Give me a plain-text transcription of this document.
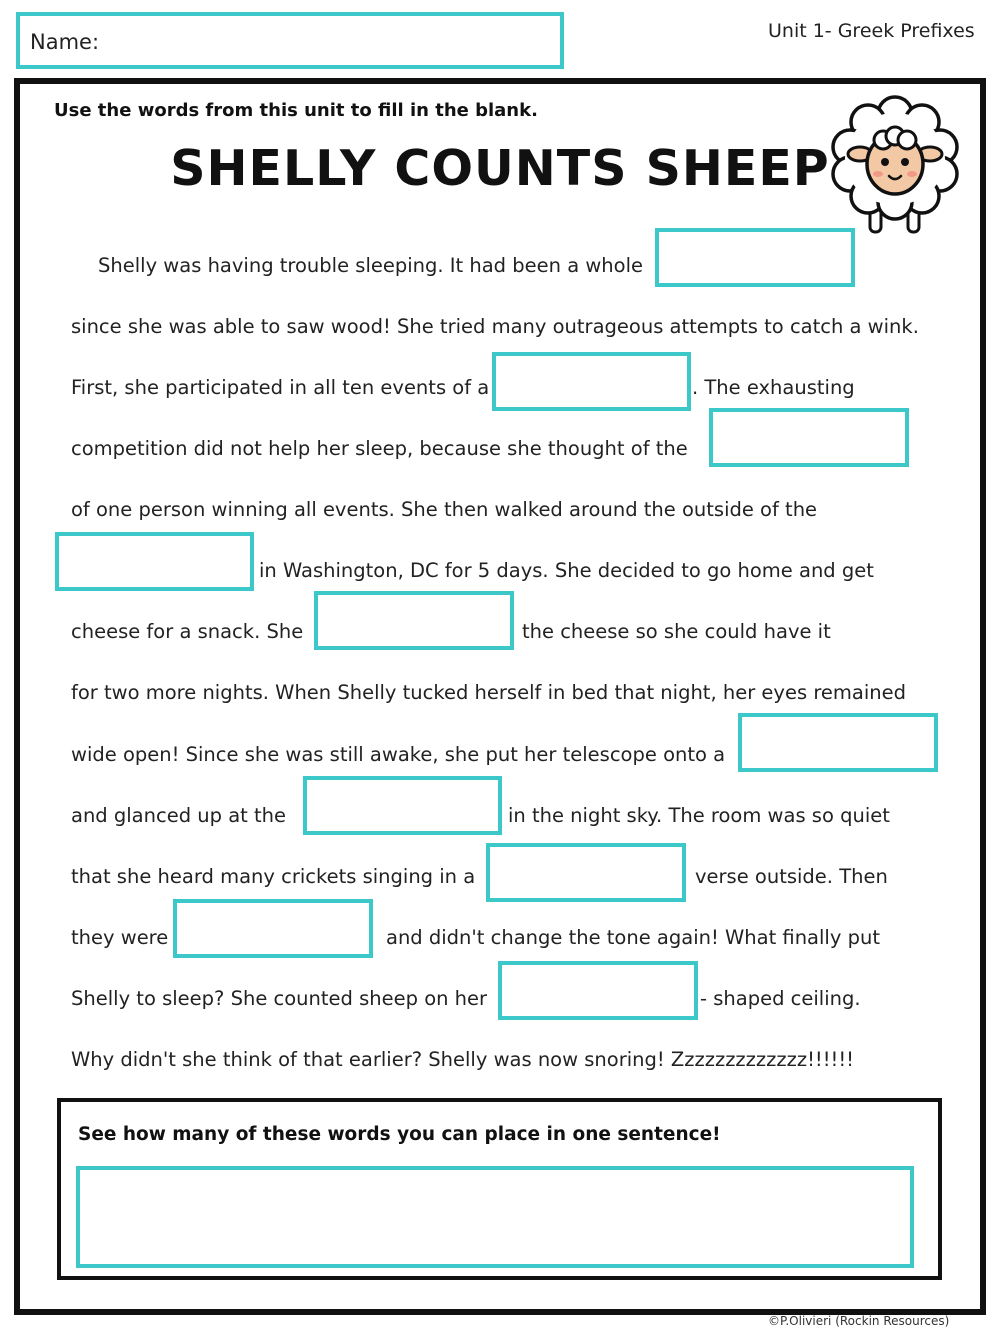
Name:	Unit 1- Greek Prefixes
Use the words from this unit to fill in the blank.
SHELLY COUNTS SHEEP
Shelly was having trouble sleeping. It had been a whole
since she was able to saw wood! She tried many outrageous attempts to catch a wink.
First, she participated in all ten events of a	. The exhausting
competition did not help her sleep, because she thought of the
of one person winning all events. She then walked around the outside of the
in Washington, DC for 5 days. She decided to go home and get
cheese for a snack. She	the cheese so she could have it
for two more nights. When Shelly tucked herself in bed that night, her eyes remained
wide open! Since she was still awake, she put her telescope onto a
and glanced up at the	in the night sky. The room was so quiet
that she heard many crickets singing in a	verse outside. Then
they were	and didn't change the tone again! What finally put
Shelly to sleep? She counted sheep on her	- shaped ceiling.
Why didn't she think of that earlier? Shelly was now snoring! Zzzzzzzzzzzzz!!!!!!
See how many of these words you can place in one sentence!
©P.Olivieri (Rockin Resources)
